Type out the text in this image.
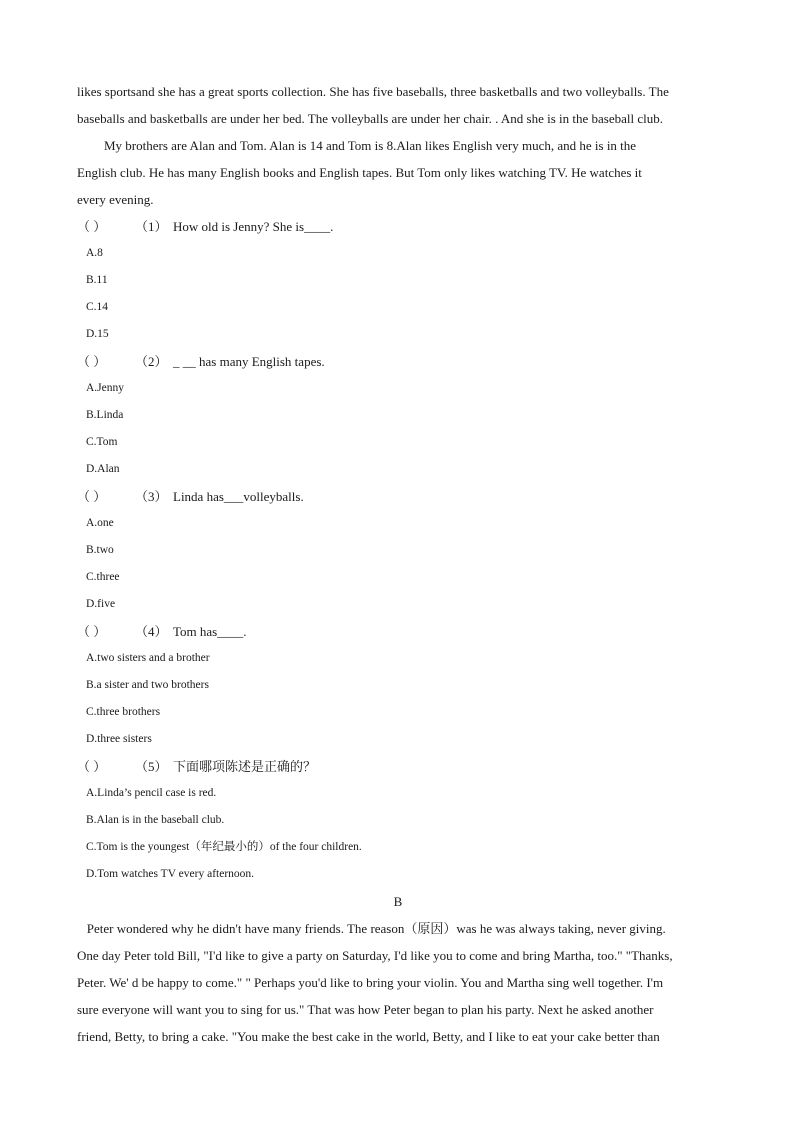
likes sportsand she has a great sports collection. She has five baseballs, three basketballs and two volleyballs. The

baseballs and basketballs are under her bed. The volleyballs are under her chair. . And she is in the baseball club.

My brothers are Alan and Tom. Alan is 14 and Tom is 8.Alan likes English very much, and he is in the

English club. He has many English books and English tapes. But Tom only likes watching TV. He watches it

every evening.

（ ） （1） How old is Jenny? She is____.

A.8

B.11

C.14

D.15

（ ） （2） _ __ has many English tapes.

A.Jenny

B.Linda

C.Tom

D.Alan

（ ） （3） Linda has___volleyballs.

A.one

B.two

C.three

D.five

（ ） （4） Tom has____.

A.two sisters and a brother

B.a sister and two brothers

C.three brothers

D.three sisters

（ ） （5） 下面哪项陈述是正确的？

A.Linda’s pencil case is red.

B.Alan is in the baseball club.

C.Tom is the youngest（年纪最小的）of the four children.

D.Tom watches TV every afternoon.

B

Peter wondered why he didn't have many friends. The reason（原因）was he was always taking, never giving.

One day Peter told Bill, "I'd like to give a party on Saturday, I'd like you to come and bring Martha, too." "Thanks,

Peter. We' d be happy to come." " Perhaps you'd like to bring your violin. You and Martha sing well together. I'm

sure everyone will want you to sing for us." That was how Peter began to plan his party. Next he asked another

friend, Betty, to bring a cake. "You make the best cake in the world, Betty, and I like to eat your cake better than
